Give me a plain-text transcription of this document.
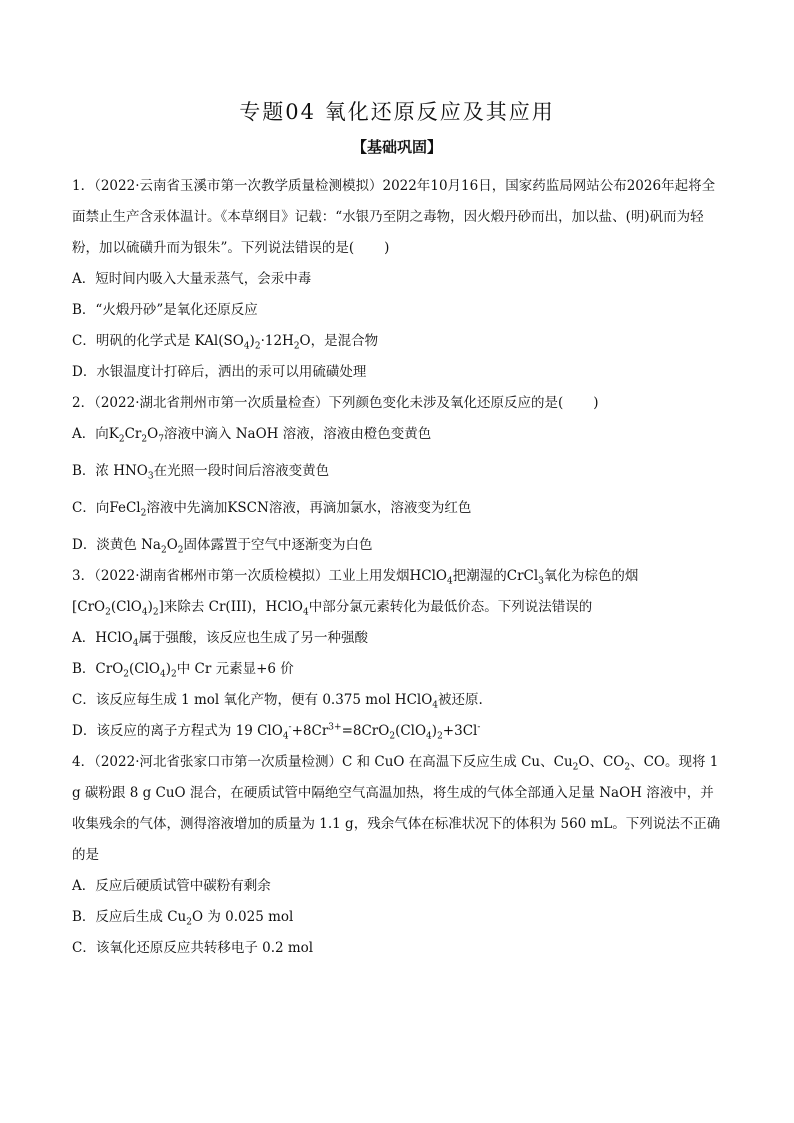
专题04 氧化还原反应及其应用
【基础巩固】

1．（2022·云南省玉溪市第一次教学质量检测模拟）2022年10月16日，国家药监局网站公布2026年起将全面禁止生产含汞体温计。《本草纲目》记载：“水银乃至阴之毒物，因火煅丹砂而出，加以盐、(明)矾而为轻粉，加以硫磺升而为银朱”。下列说法错误的是( )

A．短时间内吸入大量汞蒸气，会汞中毒

B．“火煅丹砂”是氧化还原反应

C．明矾的化学式是 $KAl(SO_4)_2\cdot 12H_2O$，是混合物

D．水银温度计打碎后，洒出的汞可以用硫磺处理

2．（2022·湖北省荆州市第一次质量检查）下列颜色变化未涉及氧化还原反应的是( )

A．向$K_2Cr_2O_7$溶液中滴入 NaOH 溶液，溶液由橙色变黄色

B．浓 $HNO_3$在光照一段时间后溶液变黄色

C．向FeCl$_2$溶液中先滴加KSCN溶液，再滴加氯水，溶液变为红色

D．淡黄色 $Na_2O_2$固体露置于空气中逐渐变为白色

3．（2022·湖南省郴州市第一次质检模拟）工业上用发烟HClO$_4$把潮湿的CrCl$_3$氧化为棕色的烟$[CrO_2(ClO_4)_2]$来除去 Cr(III)，HClO$_4$中部分氯元素转化为最低价态。下列说法错误的

A．HClO$_4$属于强酸，该反应也生成了另一种强酸

B．$CrO_2(ClO_4)_2$中 Cr 元素显+6 价

C．该反应每生成 1 mol 氧化产物，便有 0.375 mol HClO$_4$被还原.

D．该反应的离子方程式为 19 $ClO_4^-+8Cr^{3+}=8CrO_2(ClO_4)_2+3Cl^-$

4．（2022·河北省张家口市第一次质量检测）C 和 CuO 在高温下反应生成 Cu、$Cu_2O$、$CO_2$、CO。现将 1 g 碳粉跟 8 g CuO 混合，在硬质试管中隔绝空气高温加热，将生成的气体全部通入足量 NaOH 溶液中，并收集残余的气体，测得溶液增加的质量为 1.1 g，残余气体在标准状况下的体积为 560 mL。下列说法不正确的是

A．反应后硬质试管中碳粉有剩余

B．反应后生成 $Cu_2O$ 为 0.025 mol

C．该氧化还原反应共转移电子 0.2 mol
